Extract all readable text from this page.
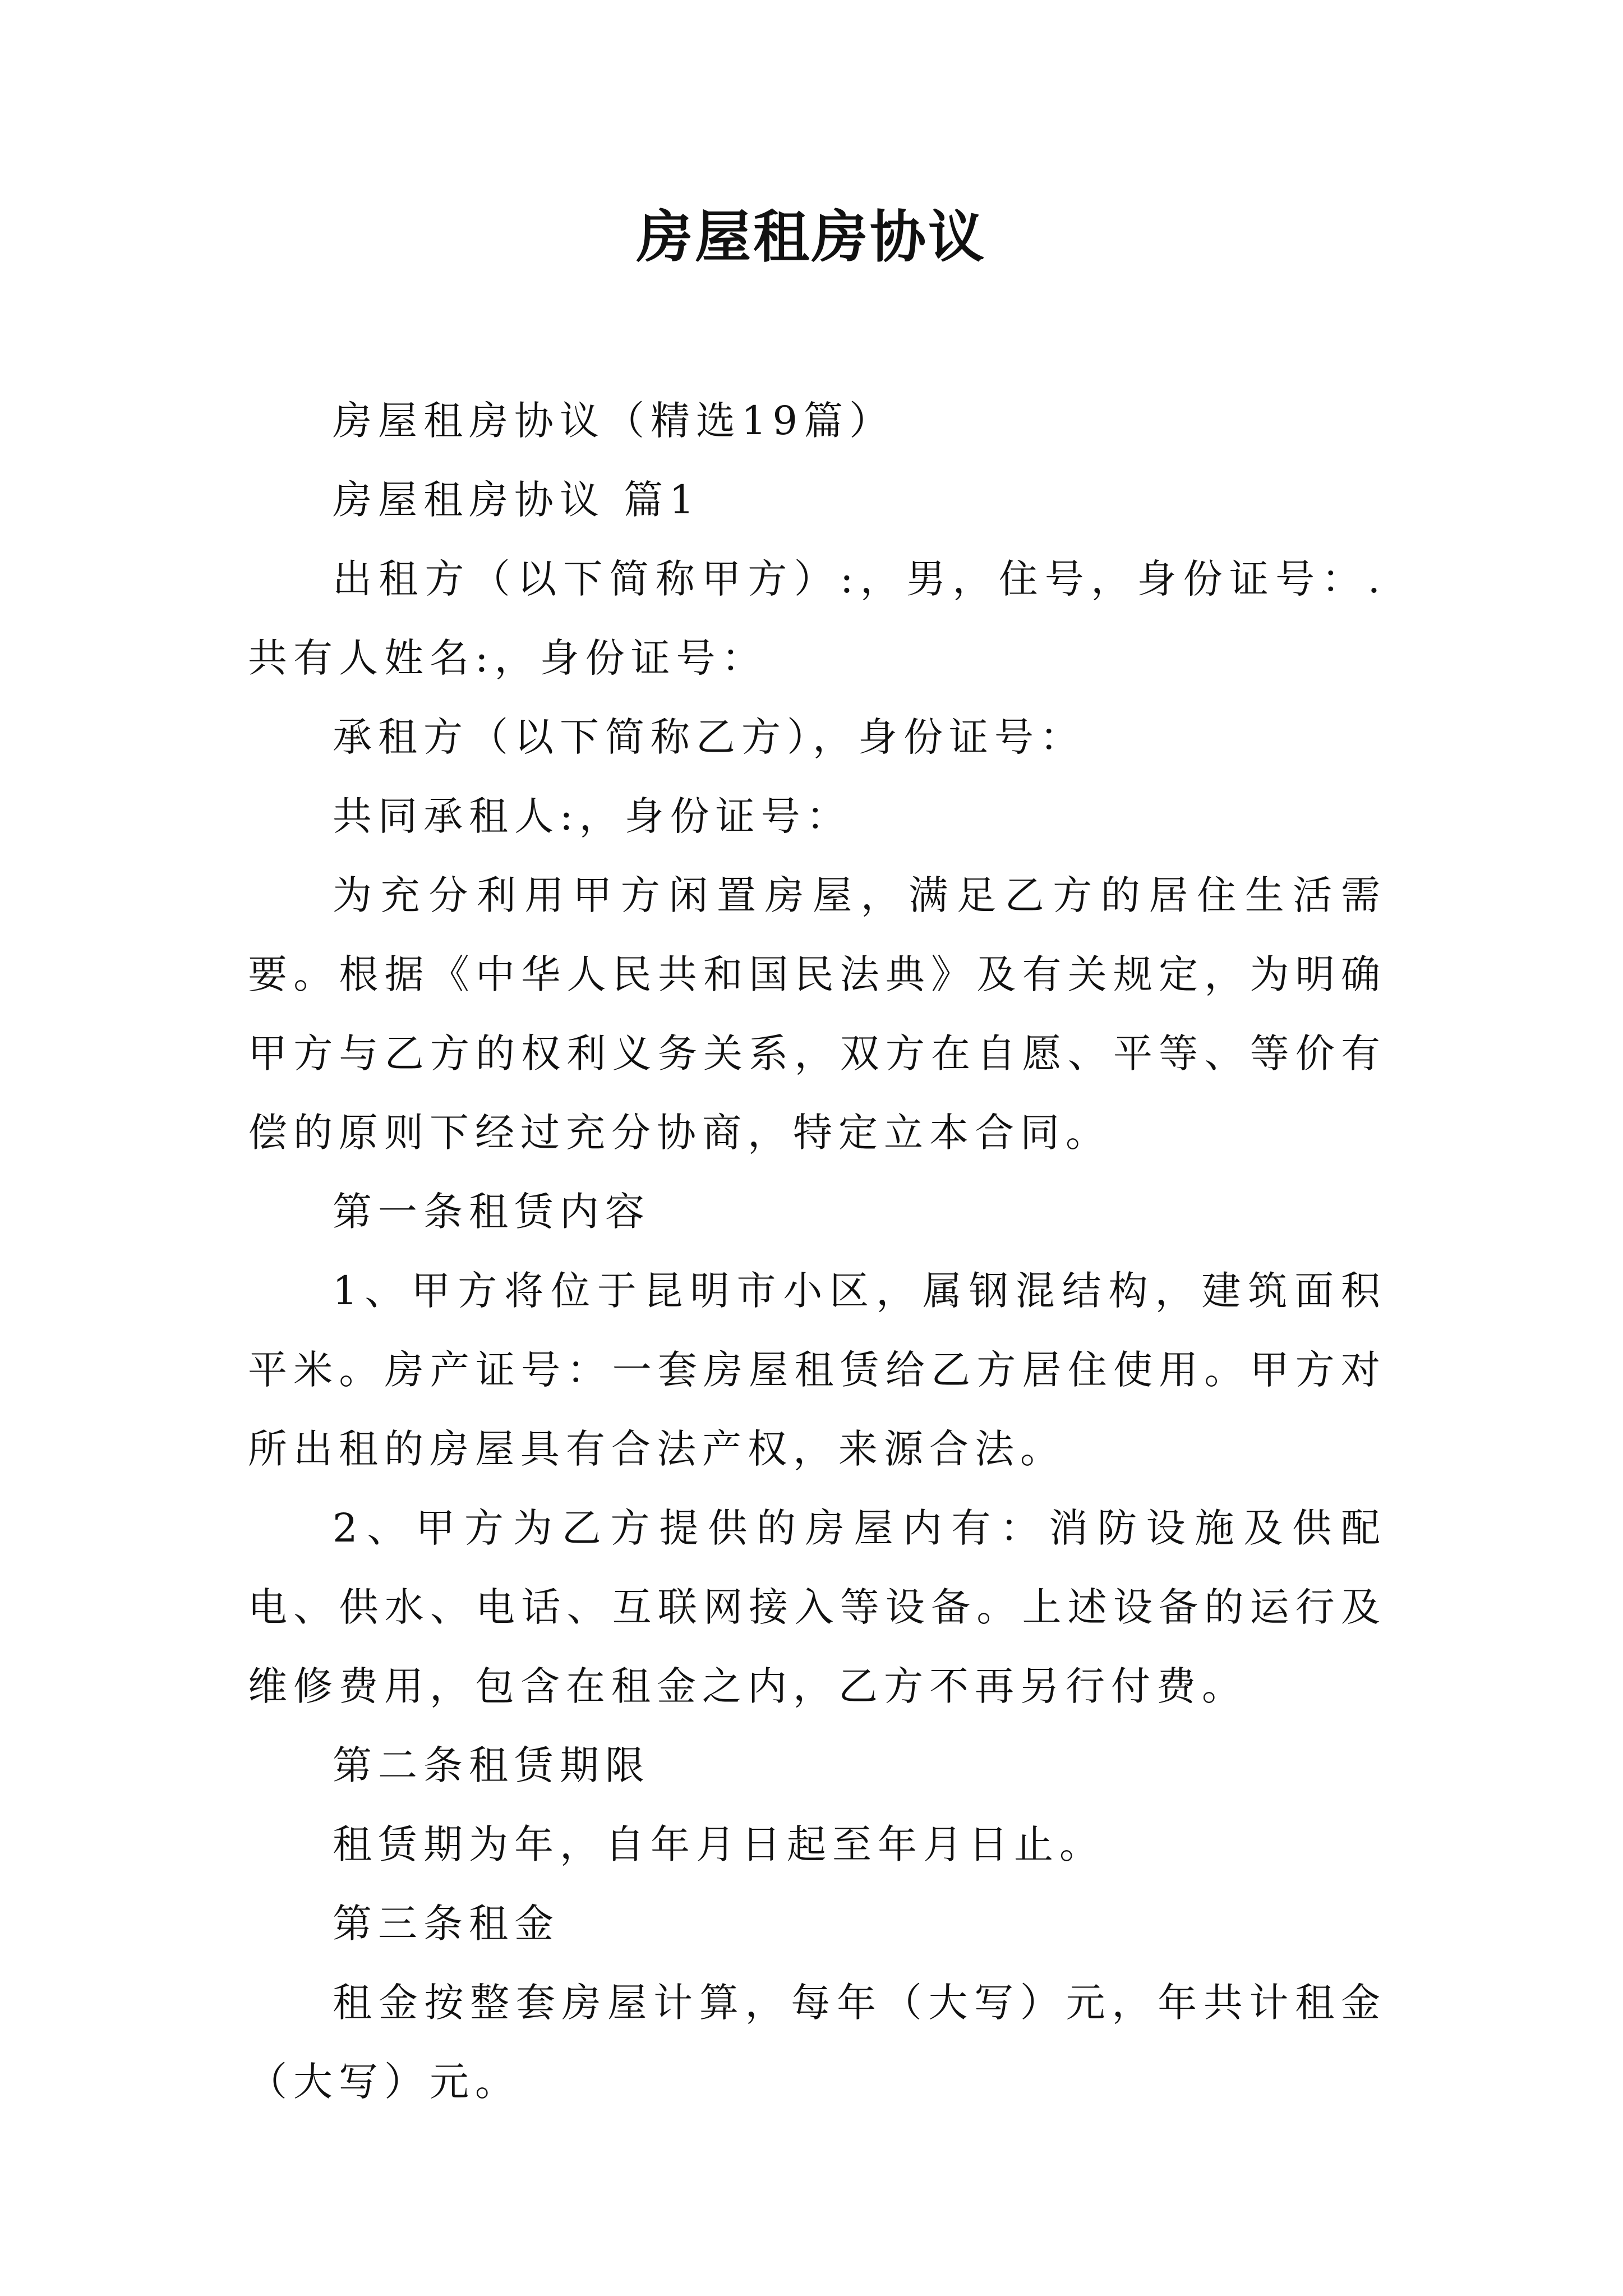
房屋租房协议

房屋租房协议（精选19篇）

房屋租房协议 篇1

出租方（以下简称甲方）:，男，住号，身份证号：.共有人姓名:，身份证号：

承租方（以下简称乙方），身份证号：

共同承租人:，身份证号：

为充分利用甲方闲置房屋，满足乙方的居住生活需要。根据《中华人民共和国民法典》及有关规定，为明确甲方与乙方的权利义务关系，双方在自愿、平等、等价有偿的原则下经过充分协商，特定立本合同。

第一条租赁内容

1、甲方将位于昆明市小区，属钢混结构，建筑面积平米。房产证号：一套房屋租赁给乙方居住使用。甲方对所出租的房屋具有合法产权，来源合法。

2、甲方为乙方提供的房屋内有：消防设施及供配电、供水、电话、互联网接入等设备。上述设备的运行及维修费用，包含在租金之内，乙方不再另行付费。

第二条租赁期限

租赁期为年，自年月日起至年月日止。

第三条租金

租金按整套房屋计算，每年（大写）元，年共计租金（大写）元。
